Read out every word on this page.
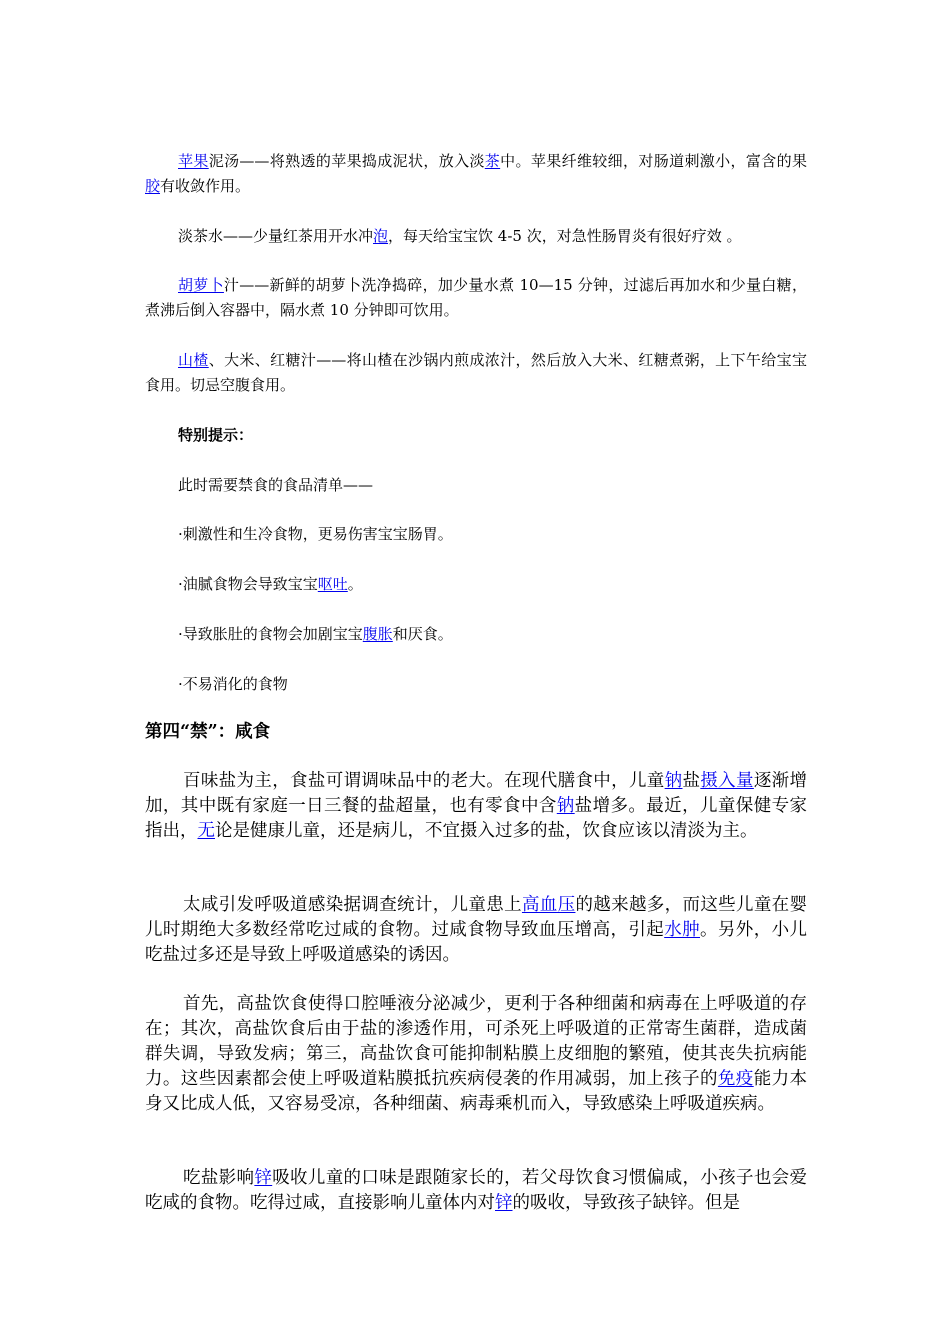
苹果泥汤——将熟透的苹果捣成泥状，放入淡茶中。苹果纤维较细，对肠道刺激小，富含的果胶有收敛作用。

淡茶水——少量红茶用开水冲泡，每天给宝宝饮 4-5 次，对急性肠胃炎有很好疗效 。

胡萝卜汁——新鲜的胡萝卜洗净捣碎，加少量水煮 10—15 分钟，过滤后再加水和少量白糖，煮沸后倒入容器中，隔水煮 10 分钟即可饮用。

山楂、大米、红糖汁——将山楂在沙锅内煎成浓汁，然后放入大米、红糖煮粥，上下午给宝宝食用。切忌空腹食用。

特别提示：

此时需要禁食的食品清单——

·刺激性和生冷食物，更易伤害宝宝肠胃。

·油腻食物会导致宝宝呕吐。

·导致胀肚的食物会加剧宝宝腹胀和厌食。

·不易消化的食物

第四“禁”：咸食

百味盐为主，食盐可谓调味品中的老大。在现代膳食中，儿童钠盐摄入量逐渐增加，其中既有家庭一日三餐的盐超量，也有零食中含钠盐增多。最近，儿童保健专家指出，无论是健康儿童，还是病儿，不宜摄入过多的盐，饮食应该以清淡为主。

太咸引发呼吸道感染据调查统计，儿童患上高血压的越来越多，而这些儿童在婴儿时期绝大多数经常吃过咸的食物。过咸食物导致血压增高，引起水肿。另外，小儿吃盐过多还是导致上呼吸道感染的诱因。

首先，高盐饮食使得口腔唾液分泌减少，更利于各种细菌和病毒在上呼吸道的存在；其次，高盐饮食后由于盐的渗透作用，可杀死上呼吸道的正常寄生菌群，造成菌群失调，导致发病；第三，高盐饮食可能抑制粘膜上皮细胞的繁殖，使其丧失抗病能力。这些因素都会使上呼吸道粘膜抵抗疾病侵袭的作用减弱，加上孩子的免疫能力本身又比成人低，又容易受凉，各种细菌、病毒乘机而入，导致感染上呼吸道疾病。

吃盐影响锌吸收儿童的口味是跟随家长的，若父母饮食习惯偏咸，小孩子也会爱吃咸的食物。吃得过咸，直接影响儿童体内对锌的吸收，导致孩子缺锌。但是
